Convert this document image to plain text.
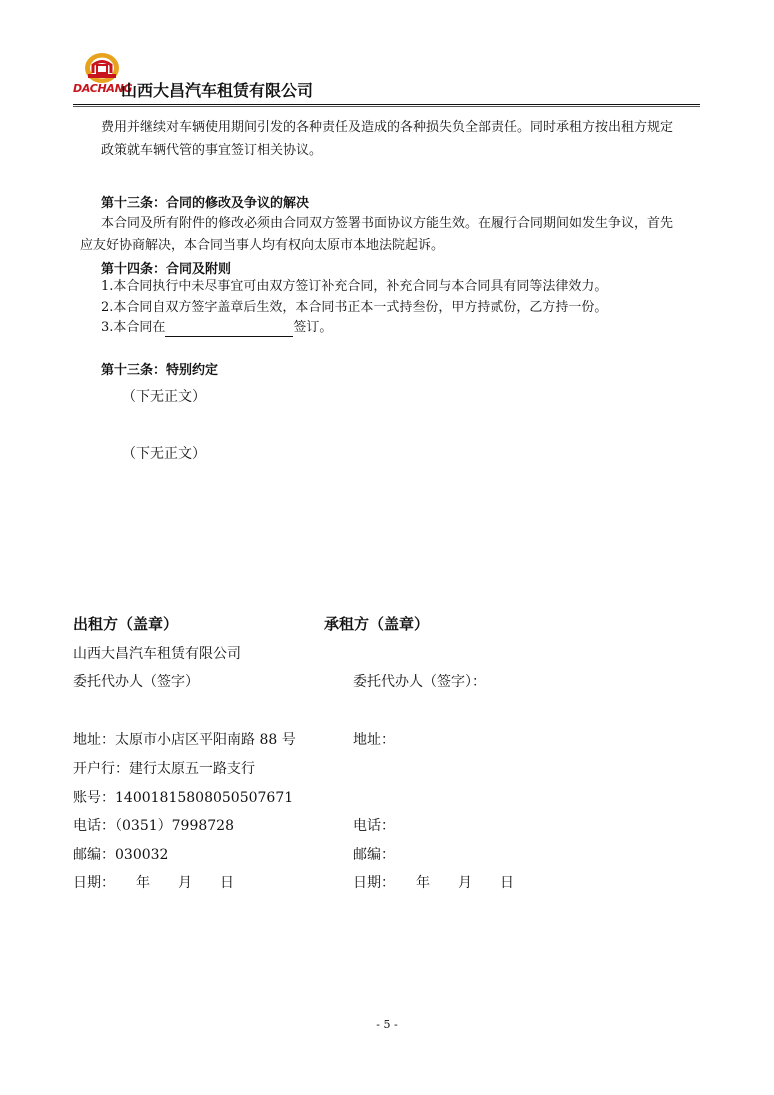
DACHANG
山西大昌汽车租赁有限公司
费用并继续对车辆使用期间引发的各种责任及造成的各种损失负全部责任。同时承租方按出租方规定
政策就车辆代管的事宜签订相关协议。
第十三条：合同的修改及争议的解决
本合同及所有附件的修改必须由合同双方签署书面协议方能生效。在履行合同期间如发生争议，首先
应友好协商解决，本合同当事人均有权向太原市本地法院起诉。
第十四条：合同及附则
1.本合同执行中未尽事宜可由双方签订补充合同，补充合同与本合同具有同等法律效力。
2.本合同自双方签字盖章后生效，本合同书正本一式持叁份，甲方持贰份，乙方持一份。
3.本合同在	签订。
第十三条：特别约定
（下无正文）
（下无正文）
出租方（盖章）
山西大昌汽车租赁有限公司
委托代办人（签字）
地址：太原市小店区平阳南路 88 号
开户行：建行太原五一路支行
账号：14001815808050507671
电话：（0351）7998728
邮编：030032
日期：　　年　　月　　日
承租方（盖章）
委托代办人（签字）：
地址：
电话：
邮编：
日期：　　年　　月　　日
- 5 -
